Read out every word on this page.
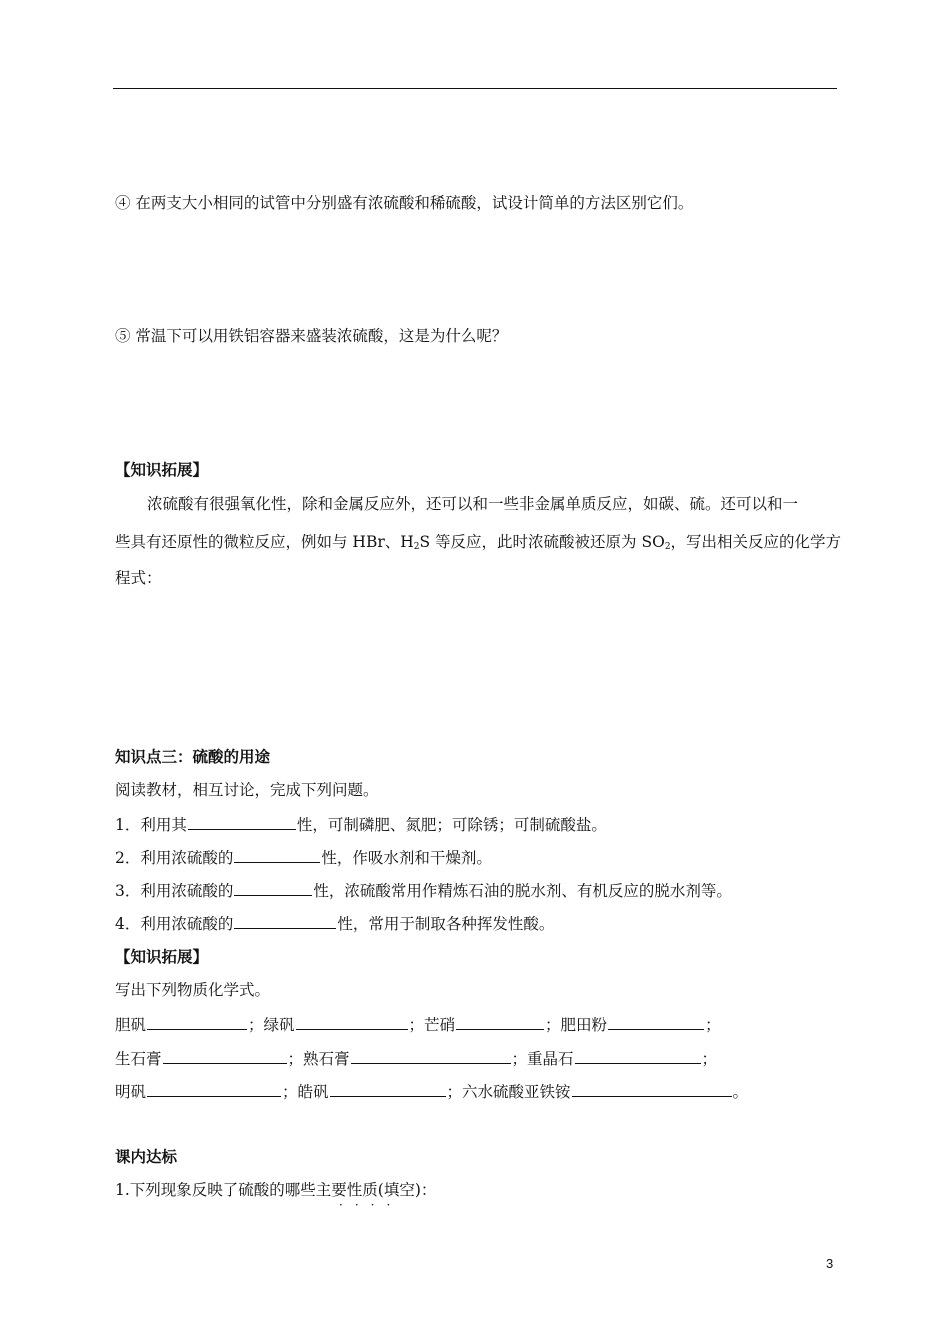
④ 在两支大小相同的试管中分别盛有浓硫酸和稀硫酸，试设计简单的方法区别它们。
⑤ 常温下可以用铁铝容器来盛装浓硫酸，这是为什么呢？
【知识拓展】
浓硫酸有很强氧化性，除和金属反应外，还可以和一些非金属单质反应，如碳、硫。还可以和一
些具有还原性的微粒反应，例如与 HBr、$H_2S$ 等反应，此时浓硫酸被还原为 $SO_2$，写出相关反应的化学方
程式：
知识点三：硫酸的用途
阅读教材，相互讨论，完成下列问题。
1．利用其	性，可制磷肥、氮肥；可除锈；可制硫酸盐。
2．利用浓硫酸的	性，作吸水剂和干燥剂。
3．利用浓硫酸的	性，浓硫酸常用作精炼石油的脱水剂、有机反应的脱水剂等。
4．利用浓硫酸的	性，常用于制取各种挥发性酸。
【知识拓展】
写出下列物质化学式。
胆矾	；绿矾	；芒硝	；肥田粉	；
生石膏	；熟石膏	；重晶石	；
明矾	；皓矾	；六水硫酸亚铁铵	。
课内达标
1.下列现象反映了硫酸的哪些主要性质(填空)：
····
3
